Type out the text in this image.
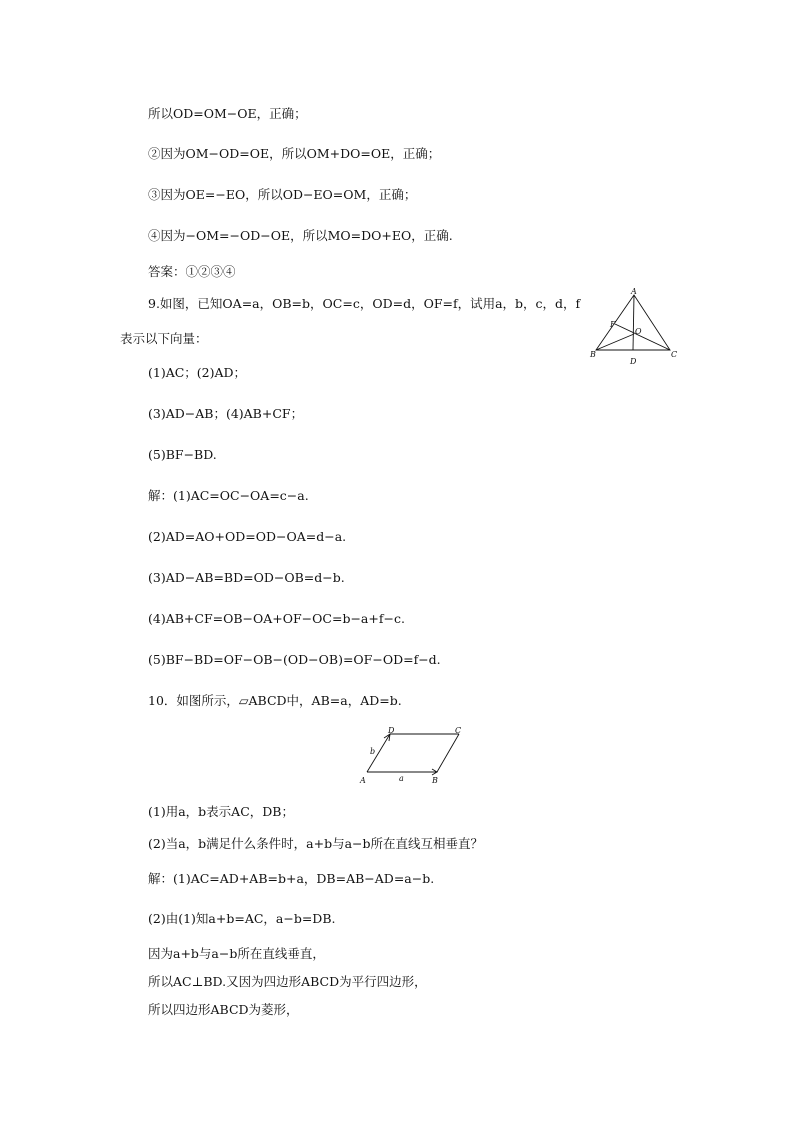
所以OD=OM−OE，正确；
②因为OM−OD=OE，所以OM+DO=OE，正确；
③因为OE=−EO，所以OD−EO=OM，正确；
④因为−OM=−OD−OE，所以MO=DO+EO，正确.
答案：①②③④
9.如图，已知OA=a，OB=b，OC=c，OD=d，OF=f，试用a，b，c，d，f
表示以下向量：
(1)AC；(2)AD；
(3)AD−AB；(4)AB+CF；
(5)BF−BD.
解：(1)AC=OC−OA=c−a.
(2)AD=AO+OD=OD−OA=d−a.
(3)AD−AB=BD=OD−OB=d−b.
(4)AB+CF=OB−OA+OF−OC=b−a+f−c.
(5)BF−BD=OF−OB−(OD−OB)=OF−OD=f−d.
10．如图所示，▱ABCD中，AB=a，AD=b.
(1)用a，b表示AC，DB；
(2)当a，b满足什么条件时，a+b与a−b所在直线互相垂直？
解：(1)AC=AD+AB=b+a，DB=AB−AD=a−b.
(2)由(1)知a+b=AC，a−b=DB.
因为a+b与a−b所在直线垂直，
所以AC⊥BD.又因为四边形ABCD为平行四边形，
所以四边形ABCD为菱形，
A
F
O
B	C
D
D	C
b
a
A	B
